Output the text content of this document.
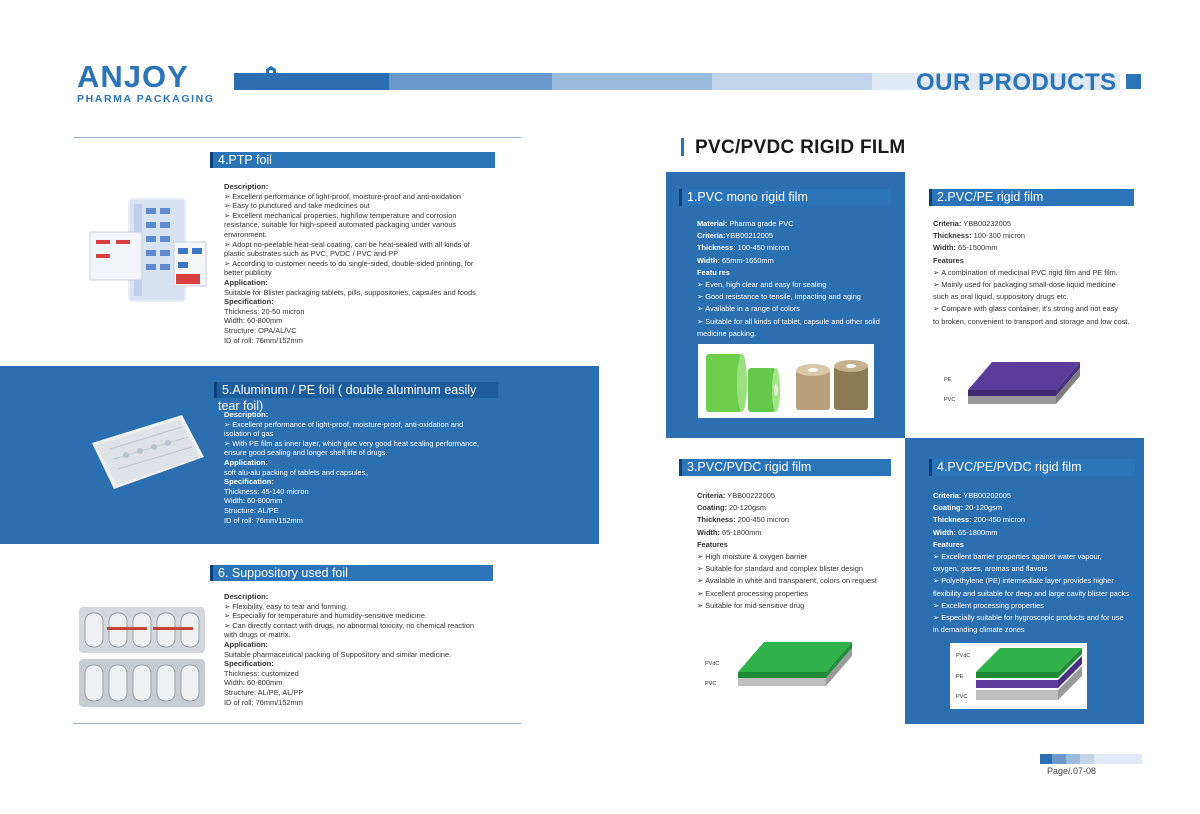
ANJOY
PHARMA PACKAGING
OUR PRODUCTS
4.PTP foil
Description:
➢ Excellent performance of light-proof, moisture-proof and anti-oxidation
➢ Easy to punctured and take medicines out
➢ Excellent mechanical properties, high/low temperature and corrosion
resistance, suitable for high-speed automated packaging under various
environment.
➢ Adopt no-peelable heat-seal coating, can be heat-sealed with all kinds of
plastic substrates such as PVC, PVDC / PVC and PP
➢ According to customer needs to do single-sided, double-sided printing, for
better publicity
Application:
Suitable for Blister packaging tablets, pills, suppositories, capsules and foods
Specification:
Thickness: 20-50 micron
Width: 60-800mm
Structure: OPA/AL/VC
ID of roll: 76mm/152mm
5.Aluminum / PE foil ( double aluminum easily tear foil)
Description:
➢ Excellent performance of light-proof, moisture-proof, anti-oxidation and
isolation of gas
➢ With PE film as inner layer, which give very good heat sealing performance,
ensure good sealing and longer shelf life of drugs.
Application:
soft alu-alu packing of tablets and capsules。
Specification:
Thickness: 45-140 micron
Width: 60-800mm
Structure: AL/PE
ID of roll: 76mm/152mm
6. Suppository used foil
Description:
➢ Flexibility, easy to tear and forming,
➢ Especially for temperature and humidity-sensitive medicine.
➢ Can directly contact with drugs, no abnormal toxicity, no chemical reaction
with drugs or matrix.
Application:
Suitable pharmaceutical packing of Suppository and similar medicine.
Specification:
Thickness: customized
Width: 60-800mm
Structure: AL/PE, AL/PP
ID of roll: 76mm/152mm
PVC/PVDC RIGID FILM
1.PVC mono rigid film
Material: Pharma grade PVC
Criteria:YBB00212005
Thickness: 100-450 micron
Width: 65mm-1650mm
Featu res
➢ Even, high clear and easy for sealing
➢ Good resistance to tensile, impacting and aging
➢ Available in a range of colors
➢ Suitable for all kinds of tablet, capsule and other solid
medicine packing.
2.PVC/PE rigid film
Criteria: YBB00232005
Thickness: 100-300 micron
Width: 65-1500mm
Features
➢ A combination of medicinal PVC rigid film and PE film.
➢ Mainly used for packaging small-dose liquid medicine
such as oral liquid, suppository drugs etc.
➢ Compare with glass container, it’s strong and not easy
to broken, convenient to transport and storage and low cost.
PE
PVC
3.PVC/PVDC rigid film
Criteria: YBB00222005
Coating: 20-120gsm
Thickness: 200-450 micron
Width: 65-1800mm
Features
➢ High moisture & oxygen barrier
➢ Suitable for standard and complex blister design
➢ Available in white and transparent, colors on request
➢ Excellent processing properties
➢ Suitable for mid sensitive drug
PVdC
PVC
4.PVC/PE/PVDC rigid film
Criteria: YBB00202005
Coating: 20-120gsm
Thickness: 200-450 micron
Width: 65-1800mm
Features
➢ Excellent barrier properties against water vapour,
oxygen, gases, aromas and flavors
➢ Polyethylene (PE) intermediate layer provides higher
flexibility and suitable for deep and large cavity blister packs
➢ Excellent processing properties
➢ Especially suitable for hygroscopic products and for use
in demanding climate zones
PVdC
PE
PVC
Page/.07-08
